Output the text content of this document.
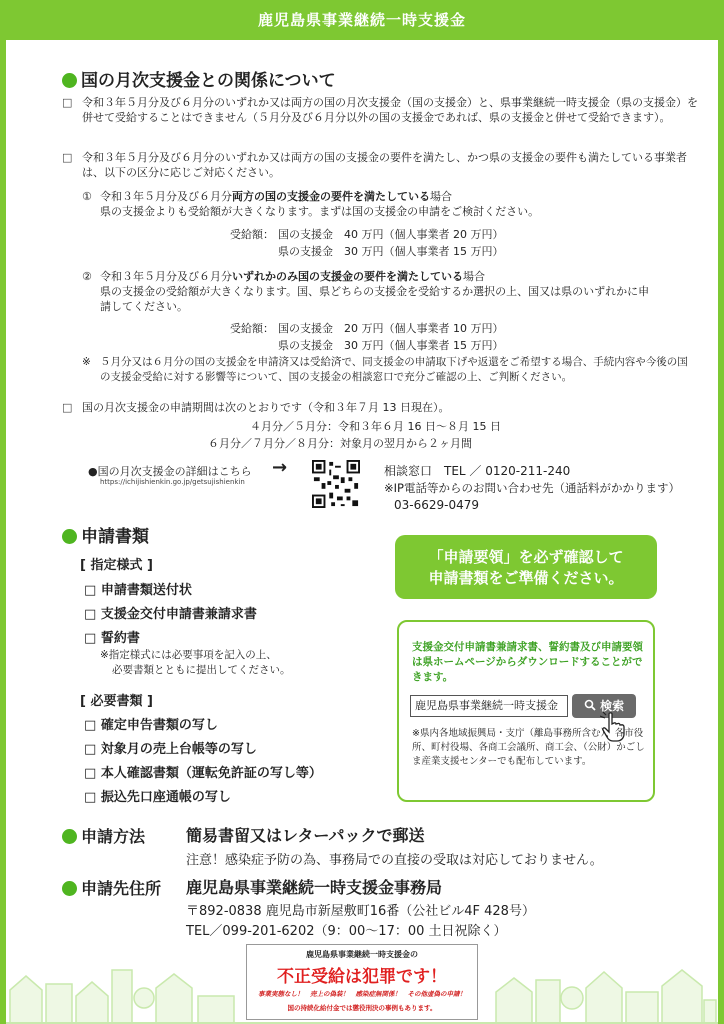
鹿児島県事業継続一時支援金
国の月次支援金との関係について
□ 令和３年５月分及び６月分のいずれか又は両方の国の月次支援金（国の支援金）と、県事業継続一時支援金（県の支援金）を併せて受給することはできません（５月分及び６月分以外の国の支援金であれば、県の支援金と併せて受給できます）。
□ 令和３年５月分及び６月分のいずれか又は両方の国の支援金の要件を満たし、かつ県の支援金の要件も満たしている事業者は、以下の区分に応じご対応ください。
① 令和３年５月分及び６月分両方の国の支援金の要件を満たしている場合
県の支援金よりも受給額が大きくなります。まずは国の支援金の申請をご検討ください。
受給額： 国の支援金　40 万円（個人事業者 20 万円）
県の支援金　30 万円（個人事業者 15 万円）
② 令和３年５月分及び６月分いずれかのみ国の支援金の要件を満たしている場合
県の支援金の受給額が大きくなります。国、県どちらの支援金を受給するか選択の上、国又は県のいずれかに申請してください。
受給額： 国の支援金　20 万円（個人事業者 10 万円）
県の支援金　30 万円（個人事業者 15 万円）
※ ５月分又は６月分の国の支援金を申請済又は受給済で、同支援金の申請取下げや返還をご希望する場合、手続内容や今後の国の支援金受給に対する影響等について、国の支援金の相談窓口で充分ご確認の上、ご判断ください。
□ 国の月次支援金の申請期間は次のとおりです（令和３年７月 13 日現在）。
４月分／５月分：令和３年６月 16 日～８月 15 日
６月分／７月分／８月分：対象月の翌月から２ヶ月間
●国の月次支援金の詳細はこちら →
https://ichijishienkin.go.jp/getsujishienkin
相談窓口　TEL ／ 0120-211-240
※IP電話等からのお問い合わせ先（通話料がかかります）
03-6629-0479
申請書類
[ 指定様式 ]
□ 申請書類送付状
□ 支援金交付申請書兼請求書
□ 誓約書
※指定様式には必要事項を記入の上、
必要書類とともに提出してください。
[ 必要書類 ]
□ 確定申告書類の写し
□ 対象月の売上台帳等の写し
□ 本人確認書類（運転免許証の写し等）
□ 振込先口座通帳の写し
「申請要領」を必ず確認して
申請書類をご準備ください。
支援金交付申請書兼請求書、誓約書及び申請要領は県ホームページからダウンロードすることができます。
鹿児島県事業継続一時支援金	検索
※県内各地域振興局・支庁（離島事務所含む）、各市役所、町村役場、各商工会議所、商工会、（公財）かごしま産業支援センターでも配布しています。
申請方法	簡易書留又はレターパックで郵送
注意！感染症予防の為、事務局での直接の受取は対応しておりません。
申請先住所 鹿児島県事業継続一時支援金事務局
〒892-0838 鹿児島市新屋敷町16番（公社ビル4F 428号）
TEL／099-201-6202（9：00～17：00 土日祝除く）
鹿児島県事業継続一時支援金の
不正受給は犯罪です！
事業実態なし！　売上の偽装！　感染症無関係！　その他虚偽の申請！
国の持続化給付金では懲役刑決の事例もあります。
